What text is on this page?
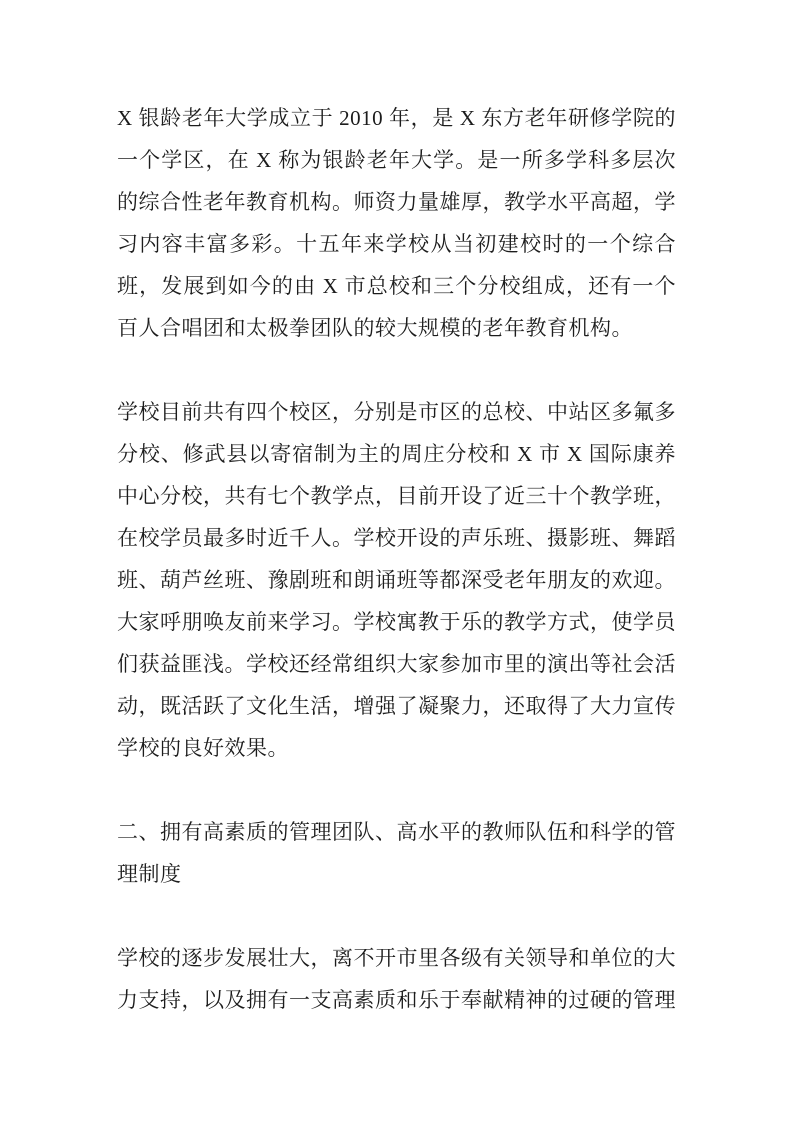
X 银龄老年大学成立于 2010 年，是 X 东方老年研修学院的一个学区，在 X 称为银龄老年大学。是一所多学科多层次的综合性老年教育机构。师资力量雄厚，教学水平高超，学习内容丰富多彩。十五年来学校从当初建校时的一个综合班，发展到如今的由 X 市总校和三个分校组成，还有一个百人合唱团和太极拳团队的较大规模的老年教育机构。

学校目前共有四个校区，分别是市区的总校、中站区多氟多分校、修武县以寄宿制为主的周庄分校和 X 市 X 国际康养中心分校，共有七个教学点，目前开设了近三十个教学班，在校学员最多时近千人。学校开设的声乐班、摄影班、舞蹈班、葫芦丝班、豫剧班和朗诵班等都深受老年朋友的欢迎。大家呼朋唤友前来学习。学校寓教于乐的教学方式，使学员们获益匪浅。学校还经常组织大家参加市里的演出等社会活动，既活跃了文化生活，增强了凝聚力，还取得了大力宣传学校的良好效果。

二、拥有高素质的管理团队、高水平的教师队伍和科学的管理制度

学校的逐步发展壮大，离不开市里各级有关领导和单位的大力支持，以及拥有一支高素质和乐于奉献精神的过硬的管理
